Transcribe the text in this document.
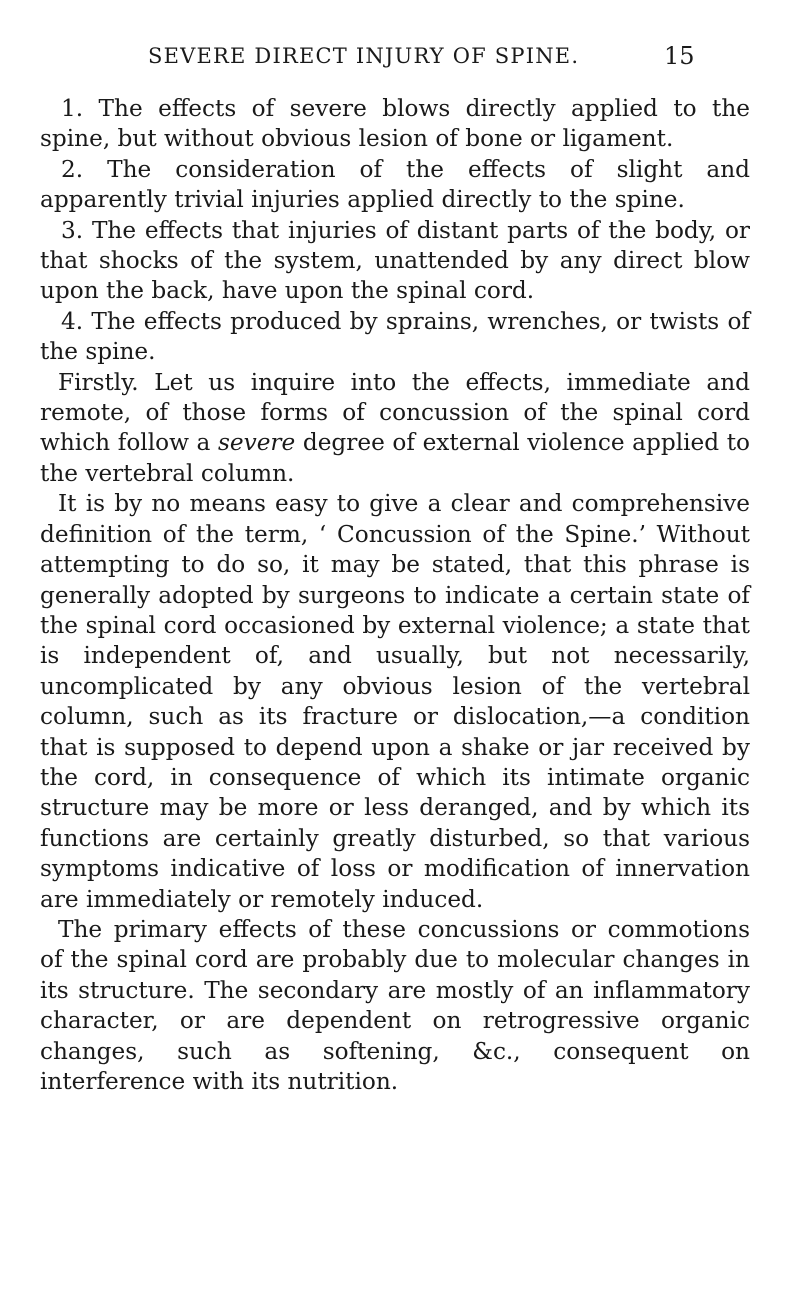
SEVERE DIRECT INJURY OF SPINE.	15

1. The effects of severe blows directly applied to the spine, but without obvious lesion of bone or ligament.

2. The consideration of the effects of slight and apparently trivial injuries applied directly to the spine.

3. The effects that injuries of distant parts of the body, or that shocks of the system, unattended by any direct blow upon the back, have upon the spinal cord.

4. The effects produced by sprains, wrenches, or twists of the spine.

Firstly. Let us inquire into the effects, immediate and remote, of those forms of concussion of the spinal cord which follow a severe degree of external violence applied to the vertebral column.

It is by no means easy to give a clear and comprehensive definition of the term, ‘ Concussion of the Spine.’ Without attempting to do so, it may be stated, that this phrase is generally adopted by surgeons to indicate a certain state of the spinal cord occasioned by external violence; a state that is independent of, and usually, but not necessarily, uncomplicated by any obvious lesion of the vertebral column, such as its fracture or dislocation,—a condition that is supposed to depend upon a shake or jar received by the cord, in consequence of which its intimate organic structure may be more or less deranged, and by which its functions are certainly greatly disturbed, so that various symptoms indicative of loss or modification of innervation are immediately or remotely induced.

The primary effects of these concussions or commotions of the spinal cord are probably due to molecular changes in its structure. The secondary are mostly of an inflammatory character, or are dependent on retrogressive organic changes, such as softening, &c., consequent on interference with its nutrition.
